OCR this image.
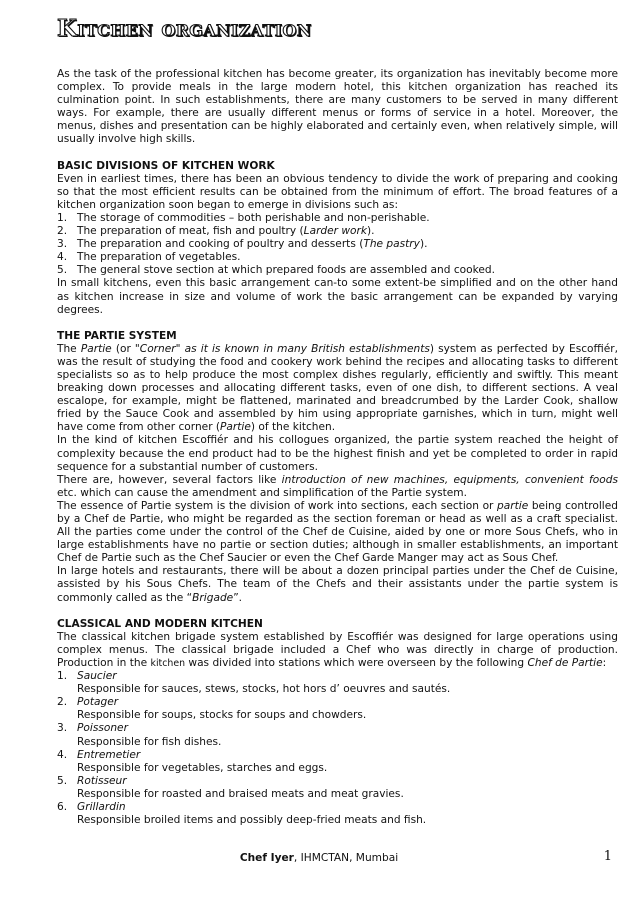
Kitchen organization

As the task of the professional kitchen has become greater, its organization has inevitably become more complex. To provide meals in the large modern hotel, this kitchen organization has reached its culmination point. In such establishments, there are many customers to be served in many different ways. For example, there are usually different menus or forms of service in a hotel. Moreover, the menus, dishes and presentation can be highly elaborated and certainly even, when relatively simple, will usually involve high skills.

BASIC DIVISIONS OF KITCHEN WORK

Even in earliest times, there has been an obvious tendency to divide the work of preparing and cooking so that the most efficient results can be obtained from the minimum of effort. The broad features of a kitchen organization soon began to emerge in divisions such as:

1. The storage of commodities – both perishable and non-perishable.
2. The preparation of meat, fish and poultry (Larder work).
3. The preparation and cooking of poultry and desserts (The pastry).
4. The preparation of vegetables.
5. The general stove section at which prepared foods are assembled and cooked.

In small kitchens, even this basic arrangement can-to some extent-be simplified and on the other hand as kitchen increase in size and volume of work the basic arrangement can be expanded by varying degrees.

THE PARTIE SYSTEM

The Partie (or "Corner" as it is known in many British establishments) system as perfected by Escoffiér, was the result of studying the food and cookery work behind the recipes and allocating tasks to different specialists so as to help produce the most complex dishes regularly, efficiently and swiftly. This meant breaking down processes and allocating different tasks, even of one dish, to different sections. A veal escalope, for example, might be flattened, marinated and breadcrumbed by the Larder Cook, shallow fried by the Sauce Cook and assembled by him using appropriate garnishes, which in turn, might well have come from other corner (Partie) of the kitchen.

In the kind of kitchen Escoffiér and his collogues organized, the partie system reached the height of complexity because the end product had to be the highest finish and yet be completed to order in rapid sequence for a substantial number of customers.

There are, however, several factors like introduction of new machines, equipments, convenient foods etc. which can cause the amendment and simplification of the Partie system.

The essence of Partie system is the division of work into sections, each section or partie being controlled by a Chef de Partie, who might be regarded as the section foreman or head as well as a craft specialist. All the parties come under the control of the Chef de Cuisine, aided by one or more Sous Chefs, who in large establishments have no partie or section duties; although in smaller establishments, an important Chef de Partie such as the Chef Saucier or even the Chef Garde Manger may act as Sous Chef.

In large hotels and restaurants, there will be about a dozen principal parties under the Chef de Cuisine, assisted by his Sous Chefs. The team of the Chefs and their assistants under the partie system is commonly called as the “Brigade”.

CLASSICAL AND MODERN KITCHEN

The classical kitchen brigade system established by Escoffiér was designed for large operations using complex menus. The classical brigade included a Chef who was directly in charge of production. Production in the kitchen was divided into stations which were overseen by the following Chef de Partie:

1. Saucier
Responsible for sauces, stews, stocks, hot hors d’ oeuvres and sautés.
2. Potager
Responsible for soups, stocks for soups and chowders.
3. Poissoner
Responsible for fish dishes.
4. Entremetier
Responsible for vegetables, starches and eggs.
5. Rotisseur
Responsible for roasted and braised meats and meat gravies.
6. Grillardin
Responsible broiled items and possibly deep-fried meats and fish.
Chef Iyer, IHMCTAN, Mumbai	1
